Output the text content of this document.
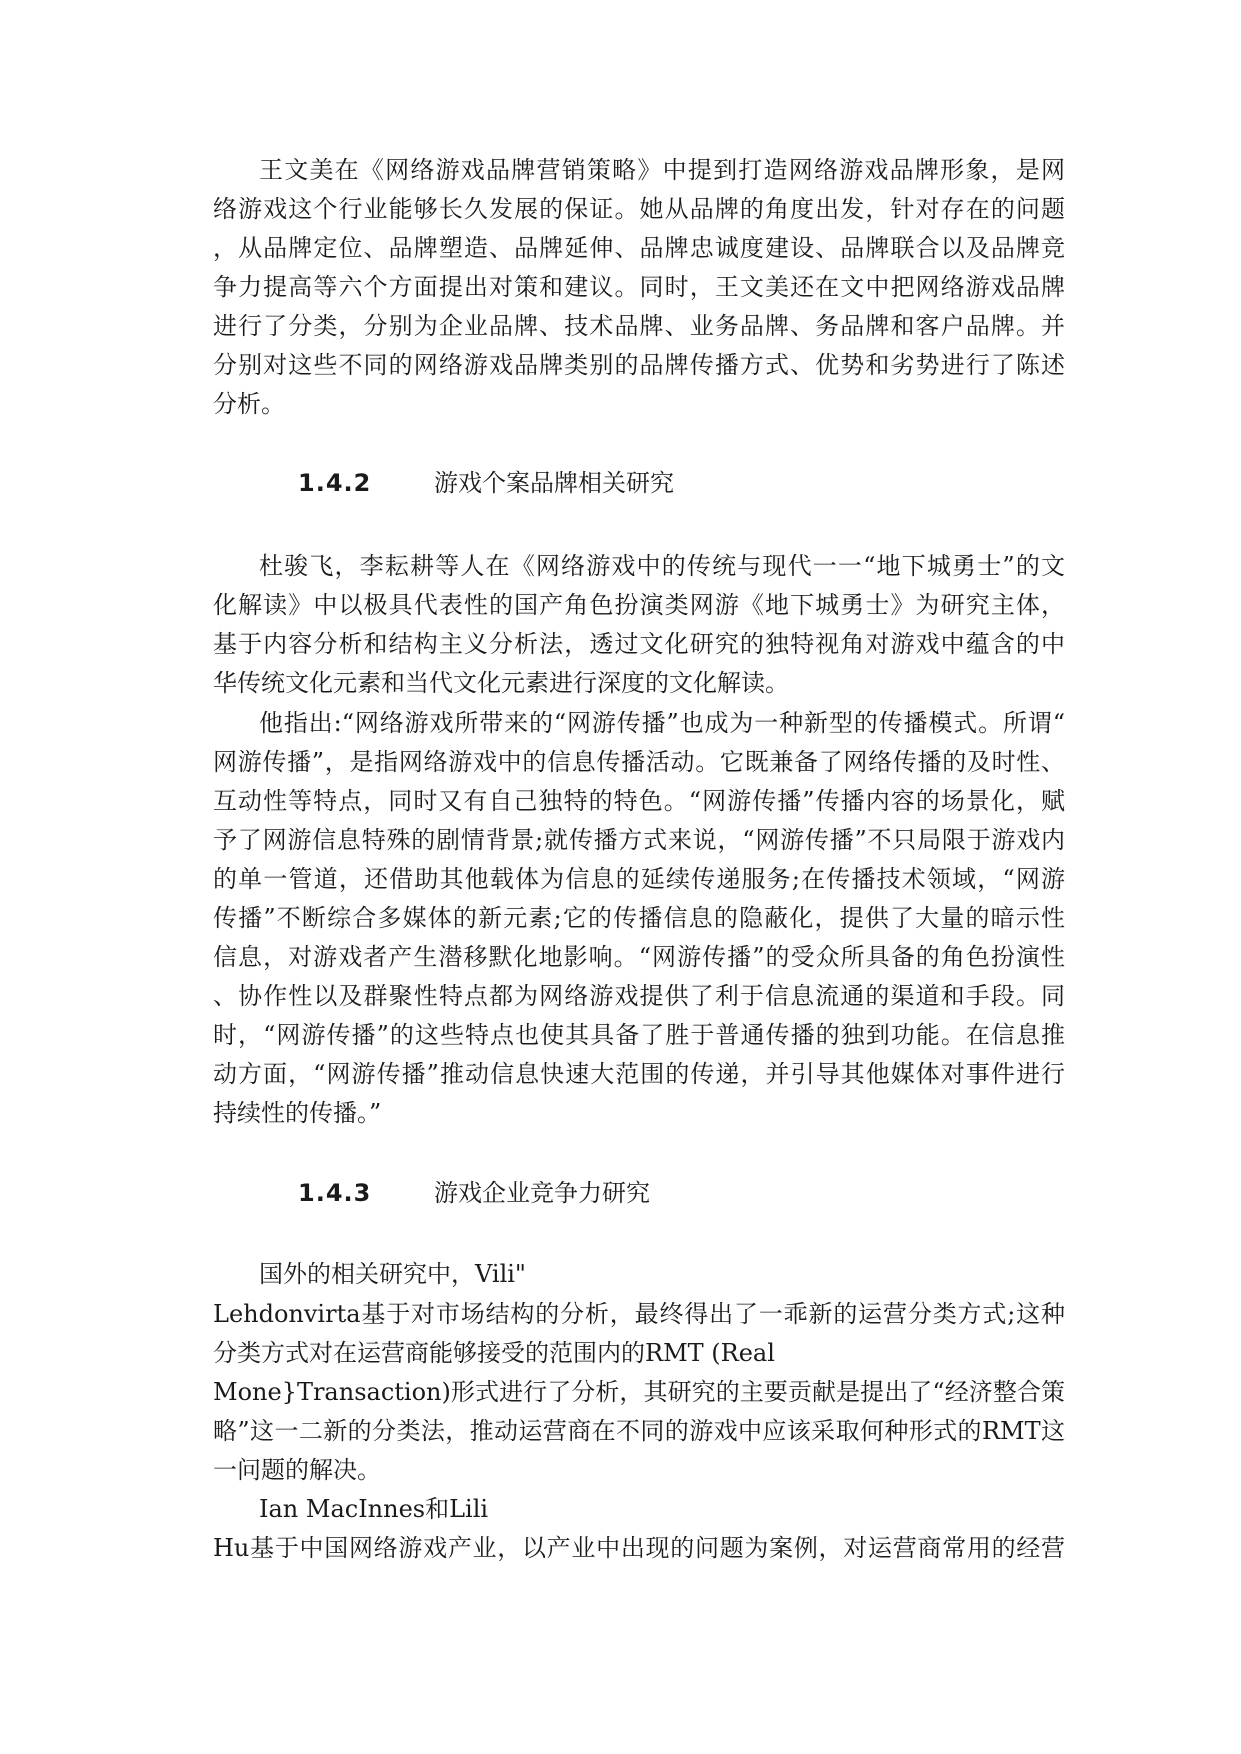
王文美在《网络游戏品牌营销策略》中提到打造网络游戏品牌形象，是网
络游戏这个行业能够长久发展的保证。她从品牌的角度出发，针对存在的问题
，从品牌定位、品牌塑造、品牌延伸、品牌忠诚度建设、品牌联合以及品牌竞
争力提高等六个方面提出对策和建议。同时，王文美还在文中把网络游戏品牌
进行了分类，分别为企业品牌、技术品牌、业务品牌、务品牌和客户品牌。并
分别对这些不同的网络游戏品牌类别的品牌传播方式、优势和劣势进行了陈述
分析。
1.4.2	游戏个案品牌相关研究
杜骏飞，李耘耕等人在《网络游戏中的传统与现代一一“地下城勇士”的文
化解读》中以极具代表性的国产角色扮演类网游《地下城勇士》为研究主体，
基于内容分析和结构主义分析法，透过文化研究的独特视角对游戏中蕴含的中
华传统文化元素和当代文化元素进行深度的文化解读。
他指出:“网络游戏所带来的“网游传播”也成为一种新型的传播模式。所谓“
网游传播”，是指网络游戏中的信息传播活动。它既兼备了网络传播的及时性、
互动性等特点，同时又有自己独特的特色。“网游传播”传播内容的场景化，赋
予了网游信息特殊的剧情背景;就传播方式来说，“网游传播”不只局限于游戏内
的单一管道，还借助其他载体为信息的延续传递服务;在传播技术领域，“网游
传播”不断综合多媒体的新元素;它的传播信息的隐蔽化，提供了大量的暗示性
信息，对游戏者产生潜移默化地影响。“网游传播”的受众所具备的角色扮演性
、协作性以及群聚性特点都为网络游戏提供了利于信息流通的渠道和手段。同
时，“网游传播”的这些特点也使其具备了胜于普通传播的独到功能。在信息推
动方面，“网游传播”推动信息快速大范围的传递，并引导其他媒体对事件进行
持续性的传播。”
1.4.3	游戏企业竞争力研究
国外的相关研究中，Vili"
Lehdonvirta基于对市场结构的分析，最终得出了一乖新的运营分类方式;这种
分类方式对在运营商能够接受的范围内的RMT (Real
Mone}Transaction)形式进行了分析，其研究的主要贡献是提出了“经济整合策
略”这一二新的分类法，推动运营商在不同的游戏中应该采取何种形式的RMT这
一问题的解决。
Ian MacInnes和Lili
Hu基于中国网络游戏产业，以产业中出现的问题为案例，对运营商常用的经营
